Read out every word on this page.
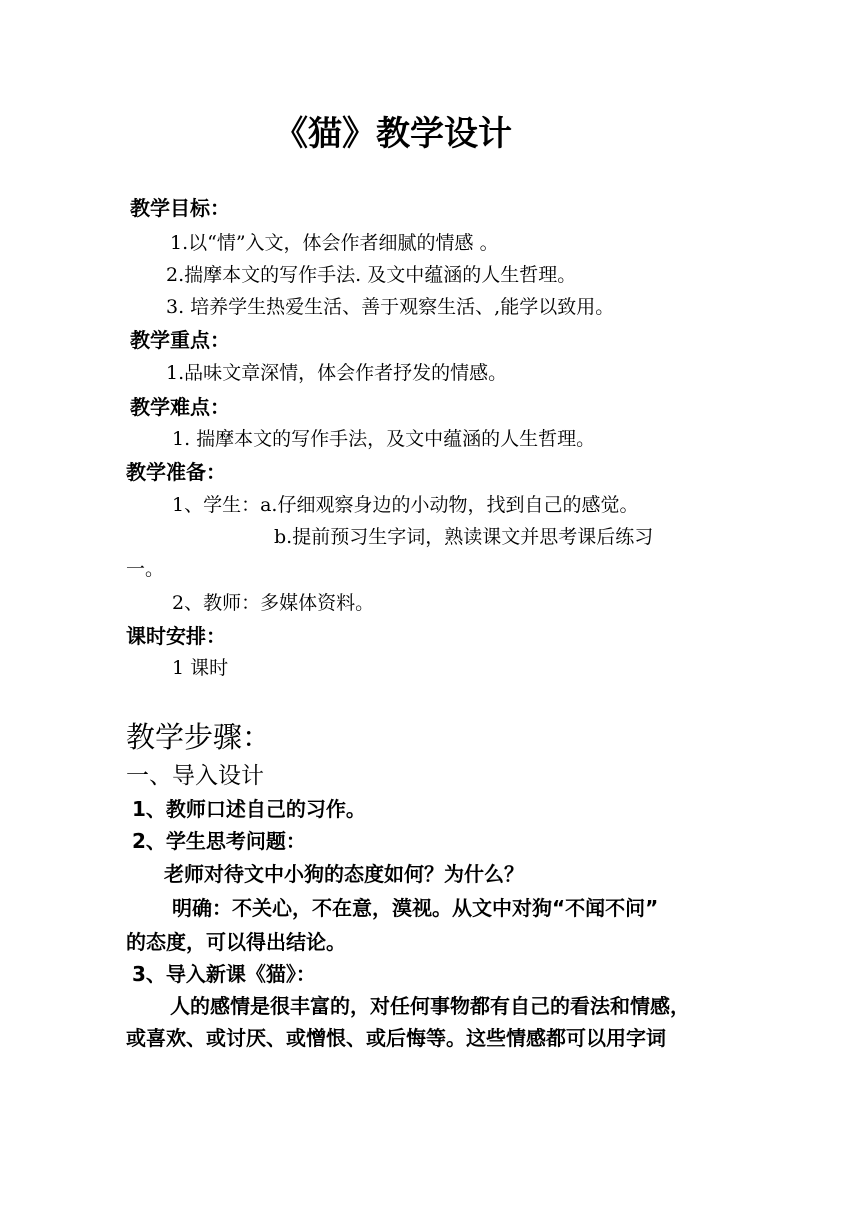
《猫》教学设计
教学目标：
1.以“情”入文，体会作者细腻的情感 。
2.揣摩本文的写作手法. 及文中蕴涵的人生哲理。
3. 培养学生热爱生活、善于观察生活、,能学以致用。
教学重点：
1.品味文章深情，体会作者抒发的情感。
教学难点：
1. 揣摩本文的写作手法，及文中蕴涵的人生哲理。
教学准备：
1、学生：a.仔细观察身边的小动物，找到自己的感觉。
b.提前预习生字词，熟读课文并思考课后练习
一。
2、教师：多媒体资料。
课时安排：
1 课时
教学步骤：
一、导入设计
1、教师口述自己的习作。
2、学生思考问题：
老师对待文中小狗的态度如何？为什么？
明确：不关心，不在意，漠视。从文中对狗“不闻不问”
的态度，可以得出结论。
3、导入新课《猫》：
人的感情是很丰富的，对任何事物都有自己的看法和情感，
或喜欢、或讨厌、或憎恨、或后悔等。这些情感都可以用字词
